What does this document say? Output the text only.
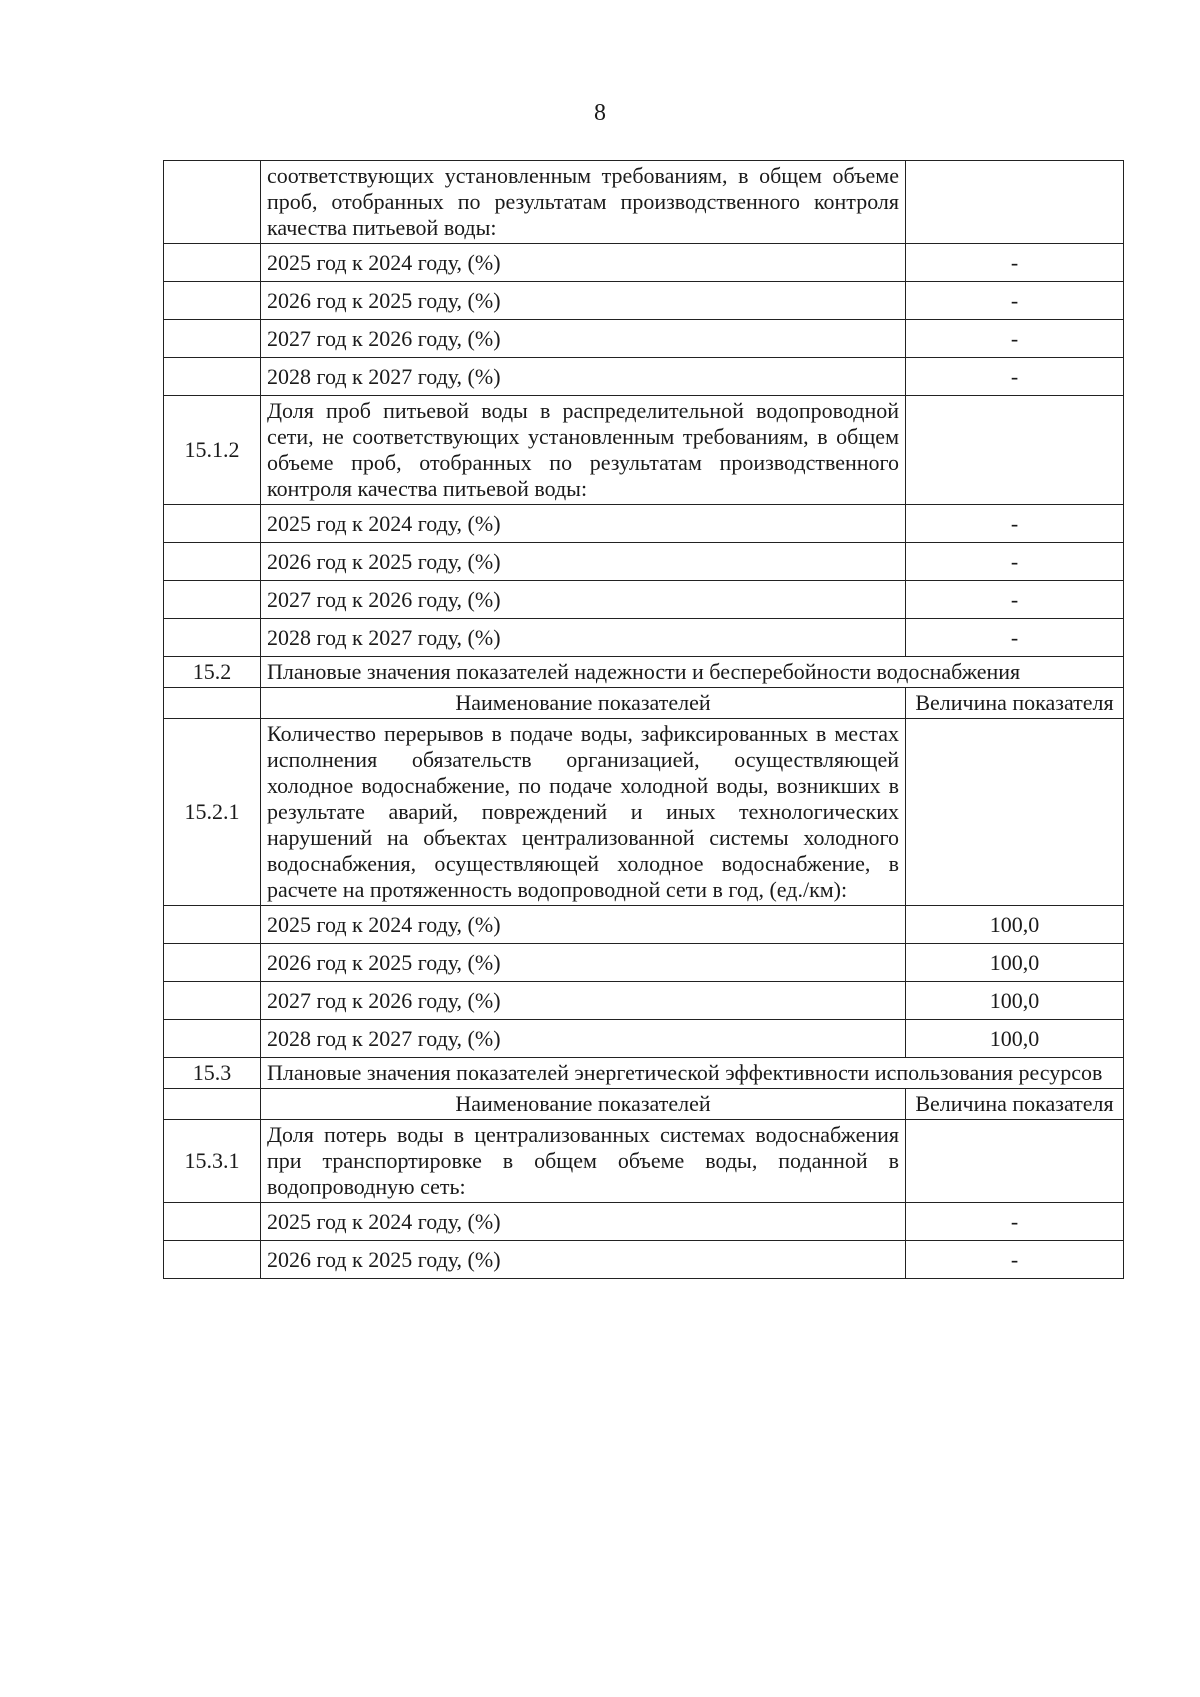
8
	соответствующих установленным требованиям, в общем объеме проб, отобранных по результатам производственного контроля качества питьевой воды:	
	2025 год к 2024 году, (%)	-
	2026 год к 2025 году, (%)	-
	2027 год к 2026 году, (%)	-
	2028 год к 2027 году, (%)	-
15.1.2	Доля проб питьевой воды в распределительной водопроводной сети, не соответствующих установленным требованиям, в общем объеме проб, отобранных по результатам производственного контроля качества питьевой воды:	
	2025 год к 2024 году, (%)	-
	2026 год к 2025 году, (%)	-
	2027 год к 2026 году, (%)	-
	2028 год к 2027 году, (%)	-
15.2	Плановые значения показателей надежности и бесперебойности водоснабжения	
	Наименование показателей	Величина показателя
15.2.1	Количество перерывов в подаче воды, зафиксированных в местах исполнения обязательств организацией, осуществляющей холодное водоснабжение, по подаче холодной воды, возникших в результате аварий, повреждений и иных технологических нарушений на объектах централизованной системы холодного водоснабжения, осуществляющей холодное водоснабжение, в расчете на протяженность водопроводной сети в год, (ед./км):	
	2025 год к 2024 году, (%)	100,0
	2026 год к 2025 году, (%)	100,0
	2027 год к 2026 году, (%)	100,0
	2028 год к 2027 году, (%)	100,0
15.3	Плановые значения показателей энергетической эффективности использования ресурсов	
	Наименование показателей	Величина показателя
15.3.1	Доля потерь воды в централизованных системах водоснабжения при транспортировке в общем объеме воды, поданной в водопроводную сеть:	
	2025 год к 2024 году, (%)	-
	2026 год к 2025 году, (%)	-
